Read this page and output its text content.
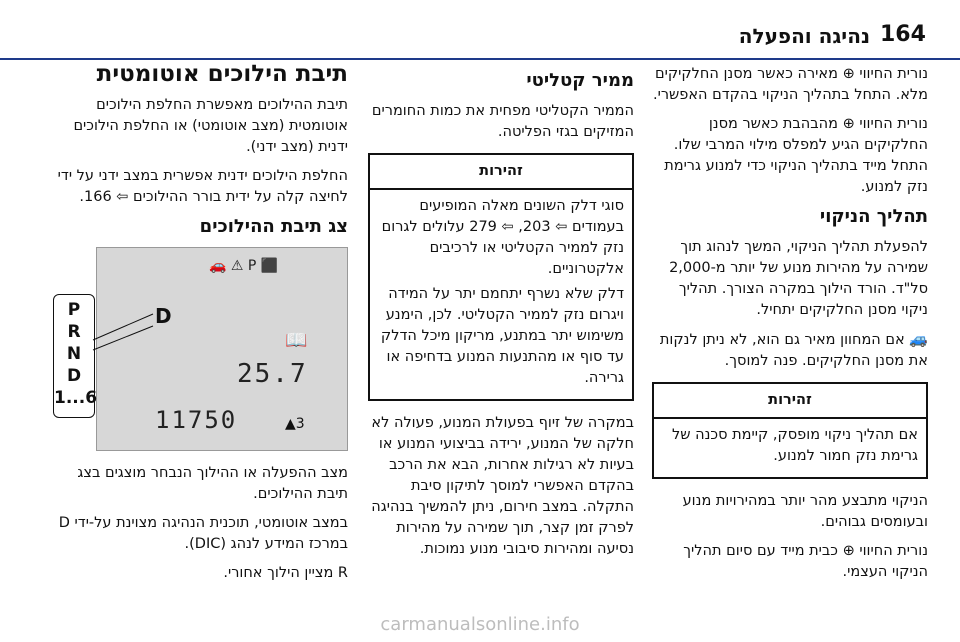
164
נהיגה והפעלה

נורית החיווי ⊕ מאירה כאשר מסנן החלקיקים מלא. התחל בתהליך הניקוי בהקדם האפשרי.

נורית החיווי ⊕ מהבהבת כאשר מסנן החלקיקים הגיע למפלס מילוי המרבי שלו. התחל מייד בתהליך הניקוי כדי למנוע גרימת נזק למנוע.

תהליך הניקוי

להפעלת תהליך הניקוי, המשך לנהוג תוך שמירה על מהירות מנוע של יותר מ-2,000 סל"ד. הורד הילוך במקרה הצורך. תהליך ניקוי מסנן החלקיקים יתחיל.

🚙 אם המחוון מאיר גם הוא, לא ניתן לנקות את מסנן החלקיקים. פנה למוסך.

זהירות

אם תהליך ניקוי מופסק, קיימת סכנה של גרימת נזק חמור למנוע.

הניקוי מתבצע מהר יותר במהירויות מנוע ובעומסים גבוהים.

נורית החיווי ⊕ כבית מייד עם סיום תהליך הניקוי העצמי.

ממיר קטליטי

הממיר הקטליטי מפחית את כמות החומרים המזיקים בגזי הפליטה.

זהירות

סוגי דלק השונים מאלה המופיעים בעמודים ⇦ 203, ⇦ 279 עלולים לגרום נזק לממיר הקטליטי או לרכיבים אלקטרוניים.

דלק שלא נשרף יתחמם יתר על המידה ויגרום נזק לממיר הקטליטי. לכן, הימנע משימוש יתר במתנע, מריקון מיכל הדלק עד סוף או מהתנעות המנוע בדחיפה או גרירה.

במקרה של זיוף בפעולת המנוע, פעולה לא חלקה של המנוע, ירידה בביצועי המנוע או בעיות לא רגילות אחרות, הבא את הרכב בהקדם האפשרי למוסך לתיקון סיבת התקלה. במצב חירום, ניתן להמשיך בנהיגה לפרק זמן קצר, תוך שמירה על מהירות נסיעה ומהירות סיבובי מנוע נמוכות.

תיבת הילוכים אוטומטית

תיבת ההילוכים מאפשרת החלפת הילוכים אוטומטית (מצב אוטומטי) או החלפת הילוכים ידנית (מצב ידני).

החלפת הילוכים ידנית אפשרית במצב ידני על ידי לחיצה קלה על ידית בורר ההילוכים ⇦ 166.

צג תיבת ההילוכים
P
R
N
D
1...6
🚗 ⚠ P ⬛
D
📖
25.7
11750	▲3

מצב ההפעלה או ההילוך הנבחר מוצגים בצג תיבת ההילוכים.

במצב אוטומטי, תוכנית הנהיגה מצוינת על-ידי D במרכז המידע לנהג (DIC).

R מציין הילוך אחורי.

carmanualsonline.info
